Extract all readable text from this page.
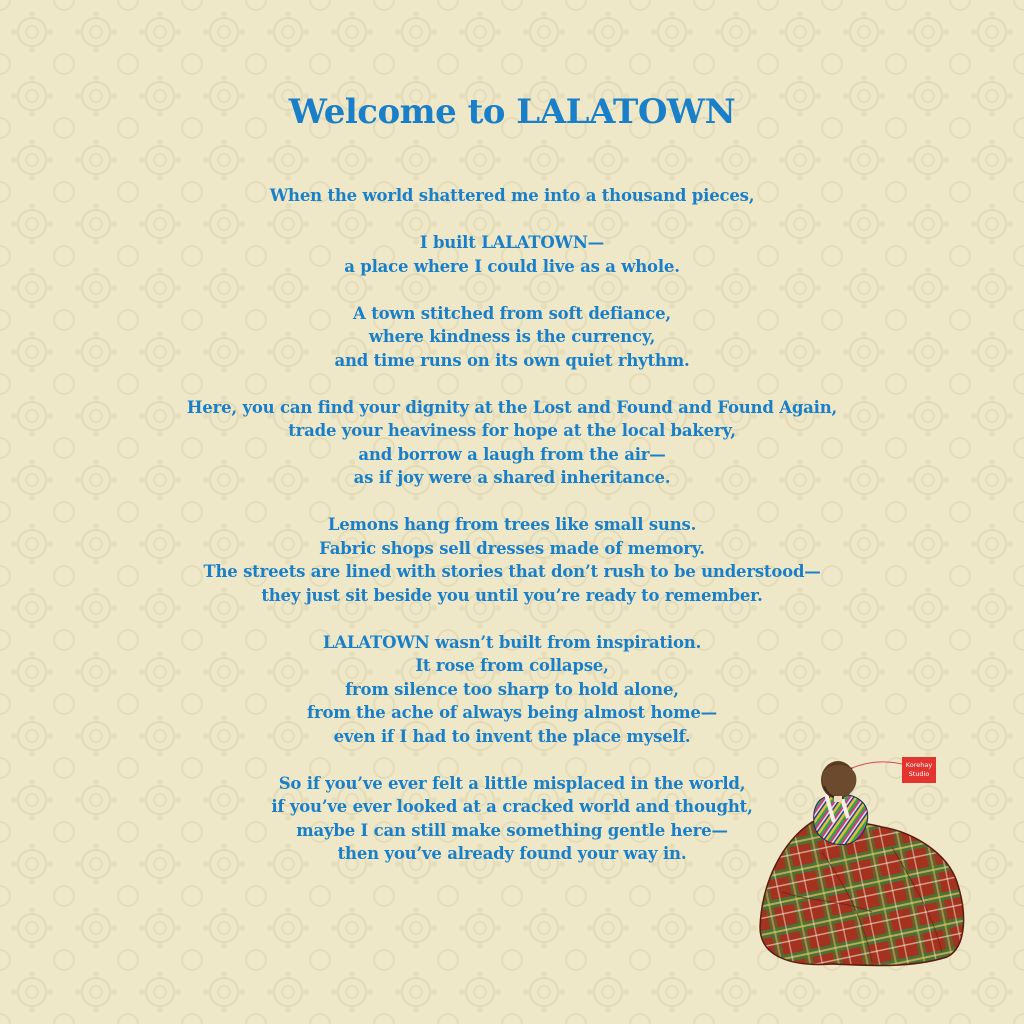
Welcome to LALATOWN

When the world shattered me into a thousand pieces,

I built LALATOWN—
a place where I could live as a whole.

A town stitched from soft defiance,
where kindness is the currency,
and time runs on its own quiet rhythm.

Here, you can find your dignity at the Lost and Found and Found Again,
trade your heaviness for hope at the local bakery,
and borrow a laugh from the air—
as if joy were a shared inheritance.

Lemons hang from trees like small suns.
Fabric shops sell dresses made of memory.
The streets are lined with stories that don’t rush to be understood—
they just sit beside you until you’re ready to remember.

LALATOWN wasn’t built from inspiration.
It rose from collapse,
from silence too sharp to hold alone,
from the ache of always being almost home—
even if I had to invent the place myself.

So if you’ve ever felt a little misplaced in the world,
if you’ve ever looked at a cracked world and thought,
maybe I can still make something gentle here—
then you’ve already found your way in.

Korehay
Studio
